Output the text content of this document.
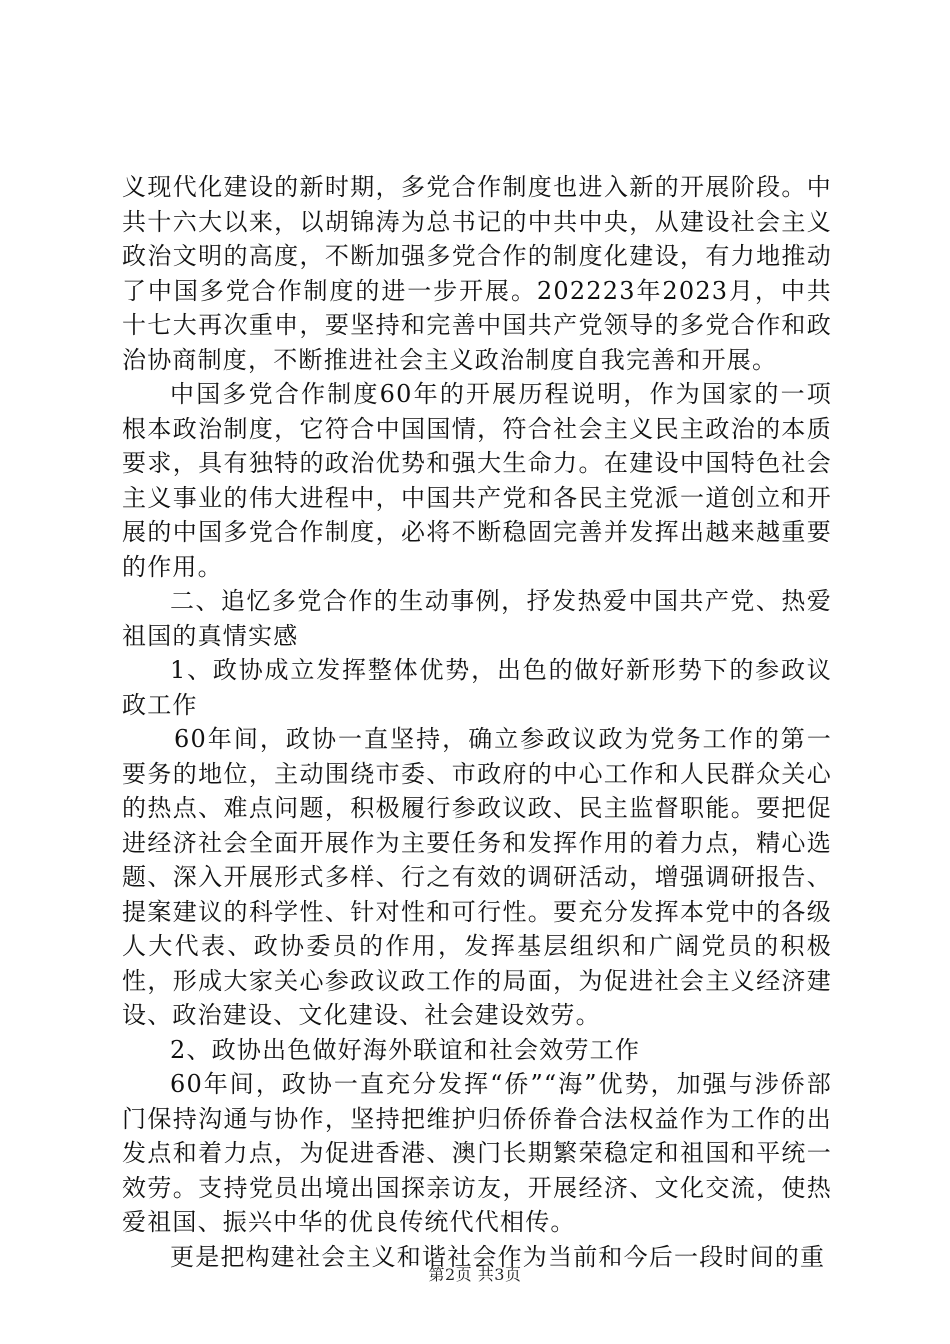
义现代化建设的新时期，多党合作制度也进入新的开展阶段。中共十六大以来，以胡锦涛为总书记的中共中央，从建设社会主义政治文明的高度，不断加强多党合作的制度化建设，有力地推动了中国多党合作制度的进一步开展。202223年2023月，中共十七大再次重申，要坚持和完善中国共产党领导的多党合作和政治协商制度，不断推进社会主义政治制度自我完善和开展。

中国多党合作制度60年的开展历程说明，作为国家的一项根本政治制度，它符合中国国情，符合社会主义民主政治的本质要求，具有独特的政治优势和强大生命力。在建设中国特色社会主义事业的伟大进程中，中国共产党和各民主党派一道创立和开展的中国多党合作制度，必将不断稳固完善并发挥出越来越重要的作用。

二、追忆多党合作的生动事例，抒发热爱中国共产党、热爱祖国的真情实感

1、政协成立发挥整体优势，出色的做好新形势下的参政议政工作

60年间，政协一直坚持，确立参政议政为党务工作的第一要务的地位，主动围绕市委、市政府的中心工作和人民群众关心的热点、难点问题，积极履行参政议政、民主监督职能。要把促进经济社会全面开展作为主要任务和发挥作用的着力点，精心选题、深入开展形式多样、行之有效的调研活动，增强调研报告、提案建议的科学性、针对性和可行性。要充分发挥本党中的各级人大代表、政协委员的作用，发挥基层组织和广阔党员的积极性，形成大家关心参政议政工作的局面，为促进社会主义经济建设、政治建设、文化建设、社会建设效劳。

2、政协出色做好海外联谊和社会效劳工作

60年间，政协一直充分发挥“侨”“海”优势，加强与涉侨部门保持沟通与协作，坚持把维护归侨侨眷合法权益作为工作的出发点和着力点，为促进香港、澳门长期繁荣稳定和祖国和平统一效劳。支持党员出境出国探亲访友，开展经济、文化交流，使热爱祖国、振兴中华的优良传统代代相传。

更是把构建社会主义和谐社会作为当前和今后一段时间的重

第2页 共3页
